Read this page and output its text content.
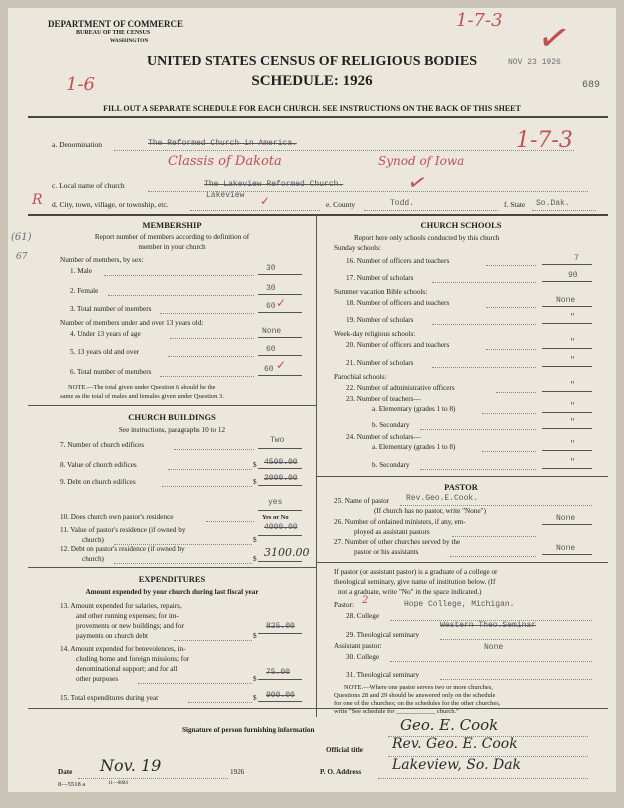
DEPARTMENT OF COMMERCE
BUREAU OF THE CENSUS
WASHINGTON
UNITED STATES CENSUS OF RELIGIOUS BODIES
SCHEDULE: 1926
1-7-3 ✓
NOV 23 1926
689
1-6
FILL OUT A SEPARATE SCHEDULE FOR EACH CHURCH. SEE INSTRUCTIONS ON THE BACK OF THIS SHEET
a. Denomination	The Reformed Church in America.
Classis of Dakota	Synod of Iowa
1-7-3
c. Local name of church	The Lakeview Reformed Church.	✓
R d. City, town, village, or township, etc.
Lakeview ✓	e. County	Todd.	f. State So.Dak.
(61)
67
MEMBERSHIP
Report number of members according to definition of
member in your church
Number of members, by sex:
1. Male	30
2. Female	30
3. Total number of members	60 ✓
Number of members under and over 13 years old:
4. Under 13 years of age	None
5. 13 years old and over	60
6. Total number of members	60 ✓
NOTE.—The total given under Question 6 should be the
same as the total of males and females given under Question 3.
CHURCH BUILDINGS
See instructions, paragraphs 10 to 12
7. Number of church edifices	Two
8. Value of church edifices	$ 4500.00
9. Debt on church edifices	$ 2000.00
10. Does church own pastor's residence
yes
Yes or No
11. Value of pastor's residence (if owned by
church)	$
4000.00
12. Debt on pastor's residence (if owned by
church)	$ 3100.00
EXPENDITURES
Amount expended by your church during last fiscal year
13. Amount expended for salaries, repairs,
and other running expenses; for im-
provements or new buildings; and for
payments on church debt	$
825.00
14. Amount expended for benevolences, in-
cluding home and foreign missions; for
denominational support; and for all
other purposes	$
75.00
15. Total expenditures during year	$ 900.00
CHURCH SCHOOLS
Report here only schools conducted by this church
Sunday schools:
16. Number of officers and teachers	7
17. Number of scholars	90
Summer vacation Bible schools:
18. Number of officers and teachers	None
19. Number of scholars	"
Week-day religious schools:
20. Number of officers and teachers	"
21. Number of scholars	"
Parochial schools:
22. Number of administrative officers	"
23. Number of teachers—
a. Elementary (grades 1 to 8)	"
b. Secondary	"
24. Number of scholars—
a. Elementary (grades 1 to 8)	"
b. Secondary	"
PASTOR
25. Name of pastor Rev.Geo.E.Cook.
(If church has no pastor, write "None")
26. Number of ordained ministers, if any, em-
ployed as assistant pastors
None
27. Number of other churches served by the
pastor or his assistants	None
If pastor (or assistant pastor) is a graduate of a college or
theological seminary, give name of institution below. (If
not a graduate, write "No" in the space indicated.)
Pastor: 2
28. College
Hope College, Michigan.
29. Theological seminary
Western Theo.Seminar
Assistant pastor:
30. College
None
31. Theological seminary
NOTE.—Where one pastor serves two or more churches,
Questions 28 and 29 should be answered only on the schedule
for one of the churches; on the schedules for the other churches,
write "See schedule for ____________ church."
Signature of person furnishing information	Geo. E. Cook
Official title Rev. Geo. E. Cook
Date Nov. 19	1926	P. O. Address Lakeview, So. Dak
8—5518 a	11—8084
